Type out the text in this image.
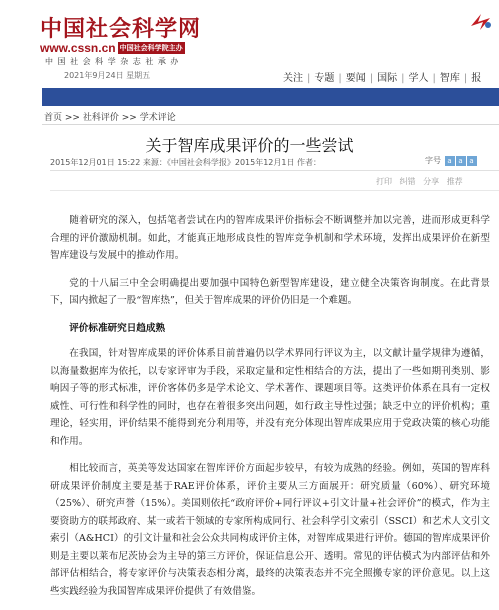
中国社会科学网
www.cssn.cn 中国社会科学院主办
中 国 社 会 科 学 杂 志 社 承 办
2021年9月24日 星期五	关注 | 专题 | 要闻 | 国际 | 学人 | 智库 | 报
首页 >> 社科评价 >> 学术评论
关于智库成果评价的一些尝试
2015年12月01日 15:22 来源：《中国社会科学报》2015年12月1日 作者：	字号 a a a
打印 纠错 分享 推荐

随着研究的深入，包括笔者尝试在内的智库成果评价指标会不断调整并加以完善，进而形成更科学合理的评价激励机制。如此，才能真正地形成良性的智库竞争机制和学术环境，发挥出成果评价在新型智库建设与发展中的推动作用。

党的十八届三中全会明确提出要加强中国特色新型智库建设，建立健全决策咨询制度。在此背景下，国内掀起了一股“智库热”，但关于智库成果的评价仍旧是一个难题。

评价标准研究日趋成熟

在我国，针对智库成果的评价体系目前普遍仍以学术界同行评议为主，以文献计量学规律为遵循，以海量数据库为依托，以专家评审为手段，采取定量和定性相结合的方法，提出了一些如期刊类别、影响因子等的形式标准，评价客体仍多是学术论文、学术著作、课题项目等。这类评价体系在具有一定权威性、可行性和科学性的同时，也存在着很多突出问题，如行政主导性过强；缺乏中立的评价机构；重理论，轻实用，评价结果不能得到充分利用等，并没有充分体现出智库成果应用于党政决策的核心功能和作用。

相比较而言，英美等发达国家在智库评价方面起步较早，有较为成熟的经验。例如，英国的智库科研成果评价制度主要是基于RAE评价体系，评价主要从三方面展开：研究质量（60%）、研究环境（25%）、研究声誉（15%）。美国则依托“政府评价+同行评议+引文计量+社会评价”的模式，作为主要资助方的联邦政府、某一或若干领域的专家所构成同行、社会科学引文索引（SSCI）和艺术人文引文索引（A&HCI）的引文计量和社会公众共同构成评价主体，对智库成果进行评价。德国的智库成果评价则是主要以莱布尼茨协会为主导的第三方评价，保证信息公开、透明。常见的评估模式为内部评估和外部评估相结合，将专家评价与决策表态相分离，最终的决策表态并不完全照搬专家的评价意见。以上这些实践经验为我国智库成果评价提供了有效借鉴。
